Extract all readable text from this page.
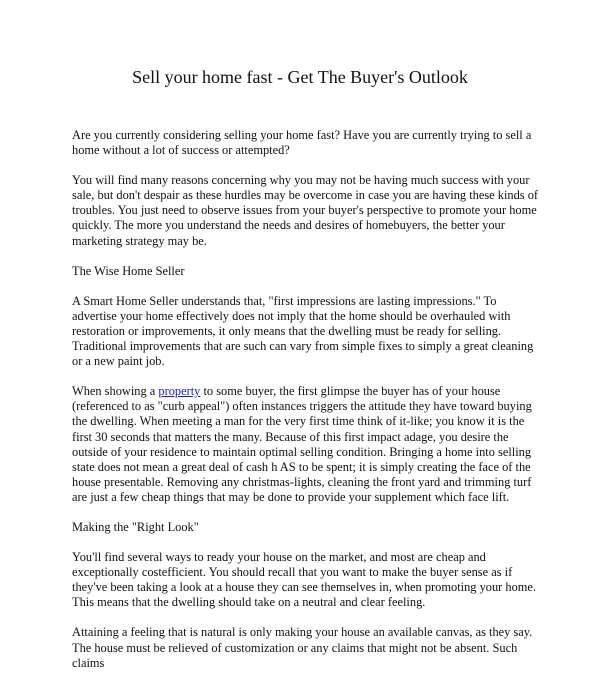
Sell your home fast - Get The Buyer's Outlook

Are you currently considering selling your home fast? Have you are currently trying to sell a home without a lot of success or attempted?

You will find many reasons concerning why you may not be having much success with your sale, but don't despair as these hurdles may be overcome in case you are having these kinds of troubles. You just need to observe issues from your buyer's perspective to promote your home quickly. The more you understand the needs and desires of homebuyers, the better your marketing strategy may be.

The Wise Home Seller

A Smart Home Seller understands that, "first impressions are lasting impressions." To advertise your home effectively does not imply that the home should be overhauled with restoration or improvements, it only means that the dwelling must be ready for selling. Traditional improvements that are such can vary from simple fixes to simply a great cleaning or a new paint job.

When showing a property to some buyer, the first glimpse the buyer has of your house (referenced to as "curb appeal") often instances triggers the attitude they have toward buying the dwelling. When meeting a man for the very first time think of it-like; you know it is the first 30 seconds that matters the many. Because of this first impact adage, you desire the outside of your residence to maintain optimal selling condition. Bringing a home into selling state does not mean a great deal of cash h AS to be spent; it is simply creating the face of the house presentable. Removing any christmas-lights, cleaning the front yard and trimming turf are just a few cheap things that may be done to provide your supplement which face lift.

Making the "Right Look"

You'll find several ways to ready your house on the market, and most are cheap and exceptionally costefficient. You should recall that you want to make the buyer sense as if they've been taking a look at a house they can see themselves in, when promoting your home. This means that the dwelling should take on a neutral and clear feeling.

Attaining a feeling that is natural is only making your house an available canvas, as they say. The house must be relieved of customization or any claims that might not be absent. Such claims
